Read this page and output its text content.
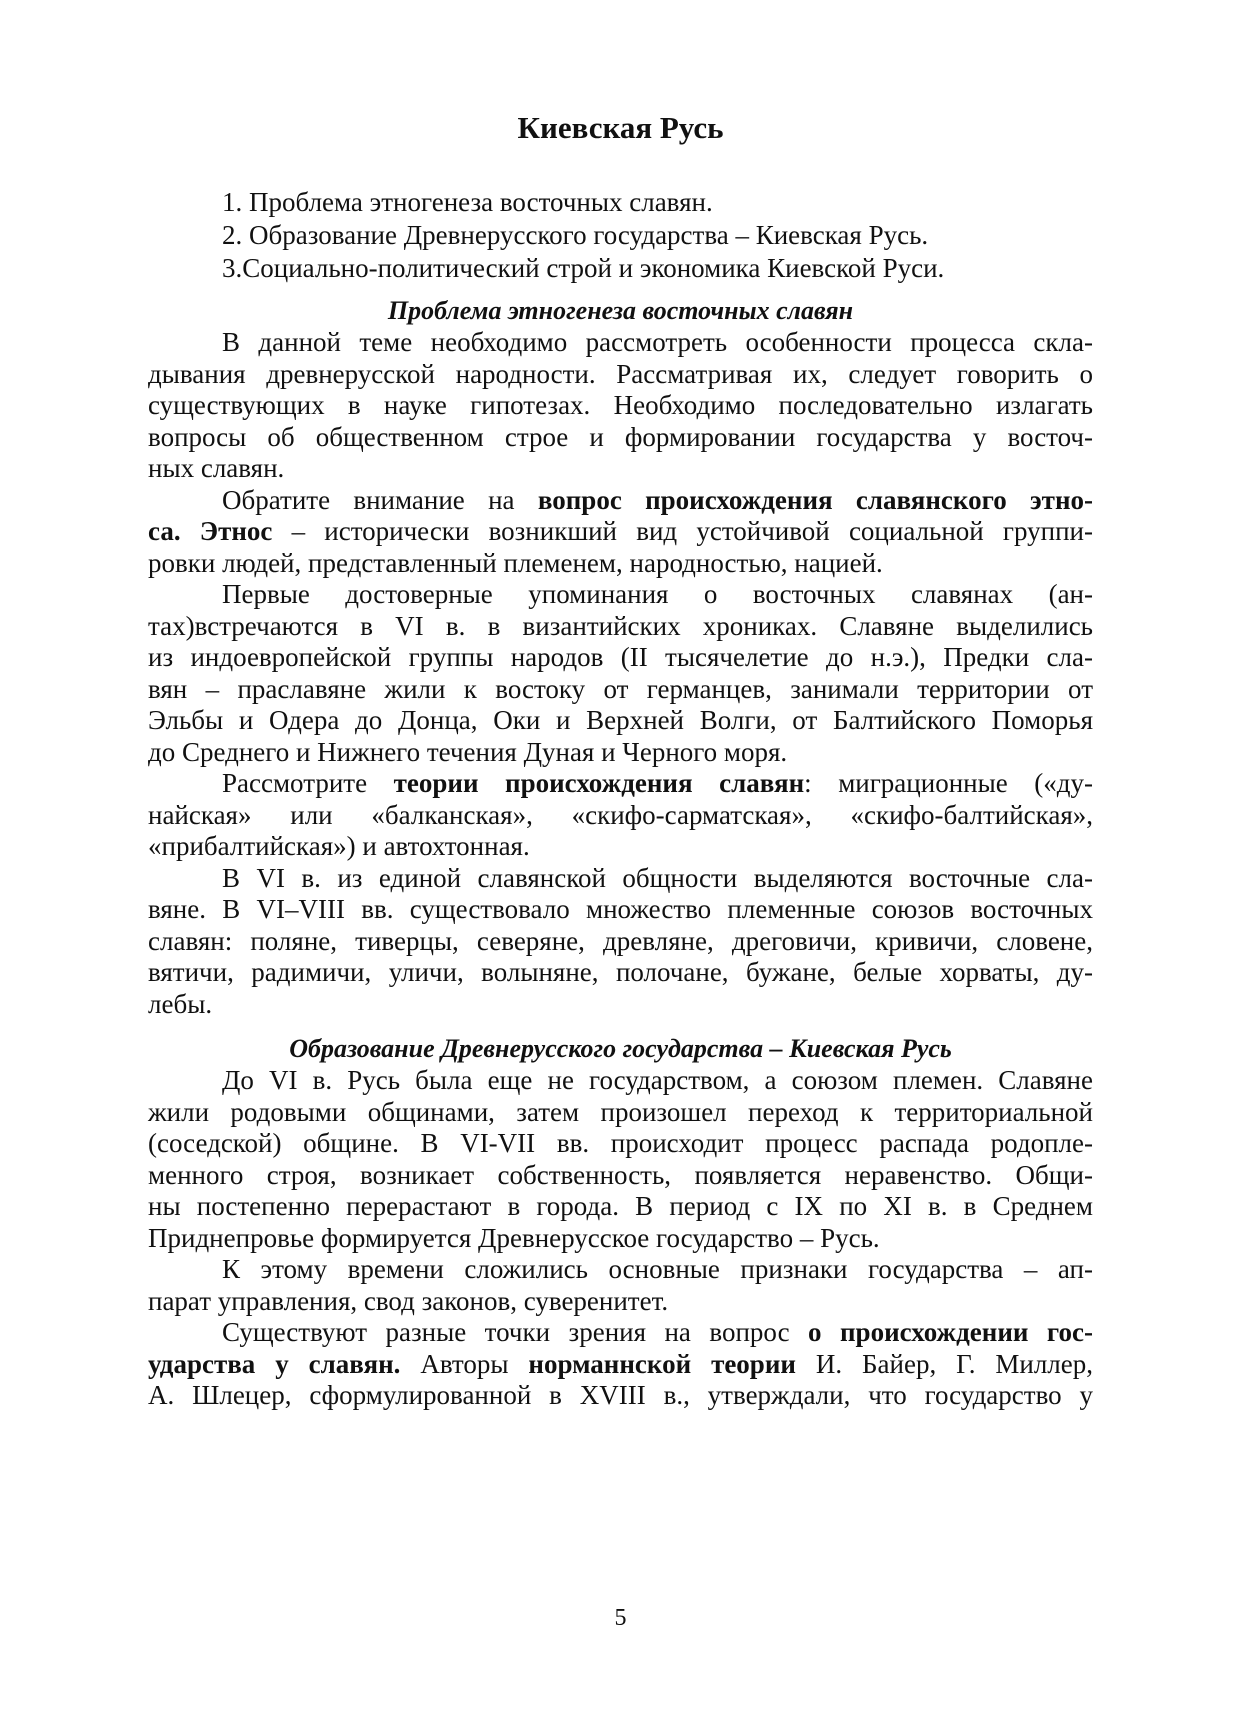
Киевская Русь
1. Проблема этногенеза восточных славян.
2. Образование Древнерусского государства – Киевская Русь.
3.Социально-политический строй и экономика Киевской Руси.
Проблема этногенеза восточных славян
В данной теме необходимо рассмотреть особенности процесса скла-
дывания древнерусской народности. Рассматривая их, следует говорить о
существующих в науке гипотезах. Необходимо последовательно излагать
вопросы об общественном строе и формировании государства у восточ-
ных славян.
Обратите внимание на вопрос происхождения славянского этно-
са. Этнос – исторически возникший вид устойчивой социальной группи-
ровки людей, представленный племенем, народностью, нацией.
Первые достоверные упоминания о восточных славянах (ан-
тах)встречаются в VI в. в византийских хрониках. Славяне выделились
из индоевропейской группы народов (II тысячелетие до н.э.), Предки сла-
вян – праславяне жили к востоку от германцев, занимали территории от
Эльбы и Одера до Донца, Оки и Верхней Волги, от Балтийского Поморья
до Среднего и Нижнего течения Дуная и Черного моря.
Рассмотрите теории происхождения славян: миграционные («ду-
найская» или «балканская», «скифо-сарматская», «скифо-балтийская»,
«прибалтийская») и автохтонная.
В VI в. из единой славянской общности выделяются восточные сла-
вяне. В VI–VIII вв. существовало множество племенные союзов восточных
славян: поляне, тиверцы, северяне, древляне, дреговичи, кривичи, словене,
вятичи, радимичи, уличи, волыняне, полочане, бужане, белые хорваты, ду-
лебы.
Образование Древнерусского государства – Киевская Русь
До VI в. Русь была еще не государством, а союзом племен. Славяне
жили родовыми общинами, затем произошел переход к территориальной
(соседской) общине. В VI-VII вв. происходит процесс распада родопле-
менного строя, возникает собственность, появляется неравенство. Общи-
ны постепенно перерастают в города. В период с IX по XI в. в Среднем
Приднепровье формируется Древнерусское государство – Русь.
К этому времени сложились основные признаки государства – ап-
парат управления, свод законов, суверенитет.
Существуют разные точки зрения на вопрос о происхождении гос-
ударства у славян. Авторы норманнской теории И. Байер, Г. Миллер,
А. Шлецер, сформулированной в XVIII в., утверждали, что государство у
5
